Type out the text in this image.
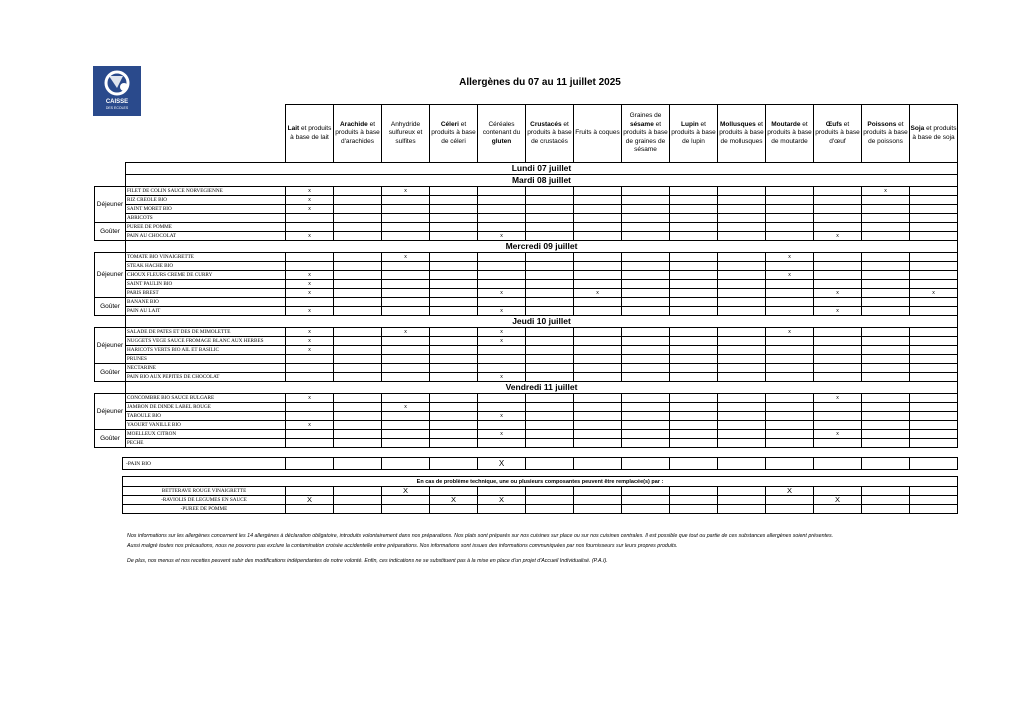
CAISSE
DES ECOLES
Allergènes du 07 au 11 juillet 2025
		Lait et produits à base de lait	Arachide et produits à base d'arachides	Anhydride sulfureux et sulfites	Céleri et produits à base de céleri	Céréales contenant du gluten	Crustacés et produits à base de crustacés	Fruits à coques	Graines de sésame et produits à base de graines de sésame	Lupin et produits à base de lupin	Mollusques et produits à base de mollusques	Moutarde et produits à base de moutarde	Œufs et produits à base d'œuf	Poissons et produits à base de poissons	Soja et produits à base de soja
	Lundi 07 juillet														
	Mardi 08 juillet														
Déjeuner	FILET DE COLIN SAUCE NORVEGIENNE	x		x										x	
	RIZ CREOLE BIO	x													
	SAINT MORET BIO	x													
	ABRICOTS														
Goûter	PUREE DE POMME														
	PAIN AU CHOCOLAT	x				x							x		
	Mercredi 09 juillet														
Déjeuner	TOMATE BIO VINAIGRETTE			x								x			
	STEAK HACHE BIO														
	CHOUX FLEURS CREME DE CURRY	x										x			
	SAINT PAULIN BIO	x													
	PARIS BREST	x				x		x					x		x
Goûter	BANANE BIO														
	PAIN AU LAIT	x				x							x		
	Jeudi 10 juillet														
Déjeuner	SALADE DE PATES ET DES DE MIMOLETTE	x		x		x						x			
	NUGGETS VEGE SAUCE FROMAGE BLANC AUX HERBES	x				x									
	HARICOTS VERTS BIO AIL ET BASILIC	x													
	PRUNES														
Goûter	NECTARINE														
	PAIN BIO AUX PEPITES DE CHOCOLAT					x									
	Vendredi 11 juillet														
Déjeuner	CONCOMBRE BIO SAUCE BULGARE	x											x		
	JAMBON DE DINDE LABEL ROUGE			x											
	TABOULE BIO					x									
	YAOURT VANILLE BIO	x													
Goûter	MOELLEUX CITRON					x							x		
	PECHE														
-PAIN BIO					X									
En cas de problème technique, une ou plusieurs composantes peuvent être remplacée(s) par :														
BETTERAVE ROUGE VINAIGRETTE			X								X			
-RAVIOLIS DE LEGUMES EN SAUCE	X			X	X							X		
-PUREE DE POMME														
Nos informations sur les allergènes concernent les 14 allergènes à déclaration obligatoire, introduits volontairement dans nos préparations. Nos plats sont préparés sur nos cuisines sur place ou sur nos cuisines centrales. Il est possible que tout ou partie de ces substances allergènes soient présentes.
Aussi malgré toutes nos précautions, nous ne pouvons pas exclure la contamination croisée accidentelle entre préparations. Nos informations sont issues des informations communiquées par nos fournisseurs sur leurs propres produits.
De plus, nos menus et nos recettes peuvent subir des modifications indépendantes de notre volonté. Enfin, ces indications ne se substituent pas à la mise en place d'un projet d'Accueil Individualisé. (P.A.I).
